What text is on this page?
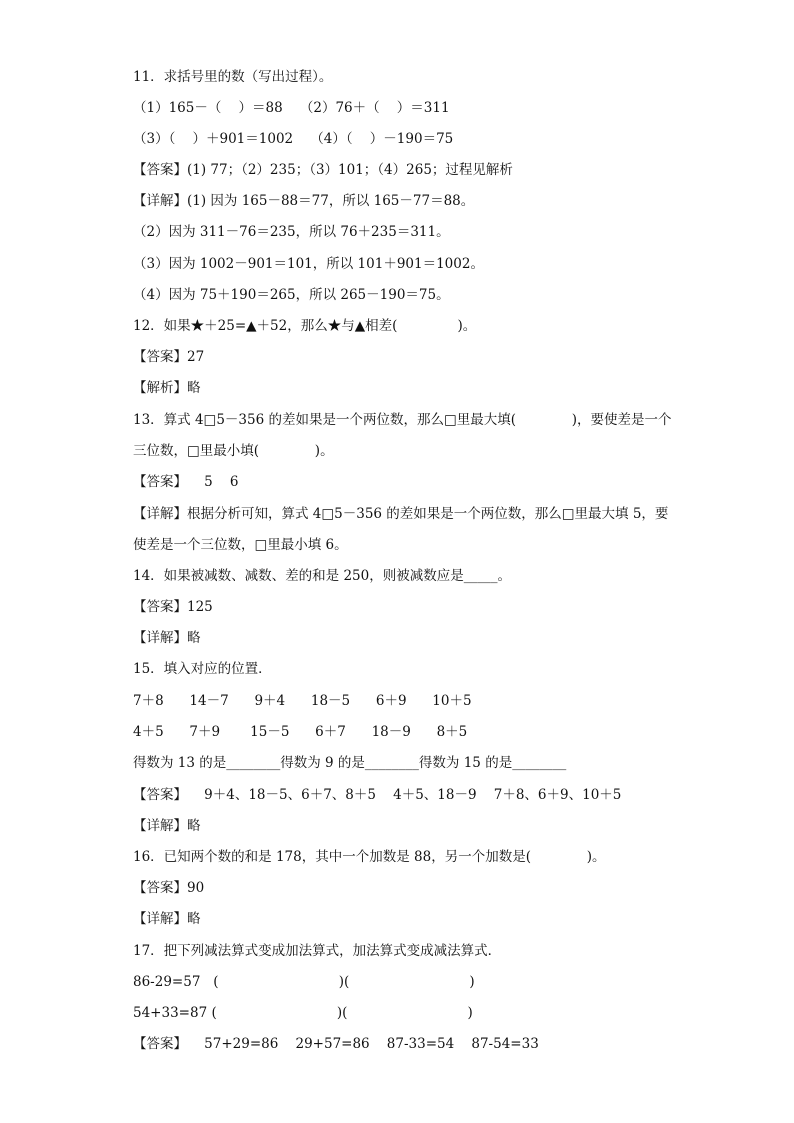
11．求括号里的数（写出过程）。
（1）165－（    ）＝88    （2）76＋（    ）＝311
（3）（    ）＋901＝1002    （4）（    ）－190＝75
【答案】(1) 77；（2）235；（3）101；（4）265；过程见解析
【详解】(1) 因为 165－88＝77，所以 165－77＝88。
（2）因为 311－76＝235，所以 76＋235＝311。
（3）因为 1002－901＝101，所以 101＋901＝1002。
（4）因为 75＋190＝265，所以 265－190＝75。
12．如果★＋25=▲＋52，那么★与▲相差(              )。
【答案】27
【解析】略
13．算式 4□5－356 的差如果是一个两位数，那么□里最大填(             )，要使差是一个
三位数，□里最小填(             )。
【答案】    5    6
【详解】根据分析可知，算式 4□5－356 的差如果是一个两位数，那么□里最大填 5，要
使差是一个三位数，□里最小填 6。
14．如果被减数、减数、差的和是 250，则被减数应是_____。
【答案】125
【详解】略
15．填入对应的位置．
7＋8      14－7      9＋4      18－5      6＋9      10＋5
4＋5      7＋9       15－5      6＋7      18－9      8＋5
得数为 13 的是________得数为 9 的是________得数为 15 的是________
【答案】    9＋4、18－5、6＋7、8＋5    4＋5、18－9    7＋8、6＋9、10＋5
【详解】略
16．已知两个数的和是 178，其中一个加数是 88，另一个加数是(             )。
【答案】90
【详解】略
17．把下列减法算式变成加法算式，加法算式变成减法算式．
86-29=57   (                            )(                            )
54+33=87 (                            )(                            )
【答案】    57+29=86    29+57=86    87-33=54    87-54=33
